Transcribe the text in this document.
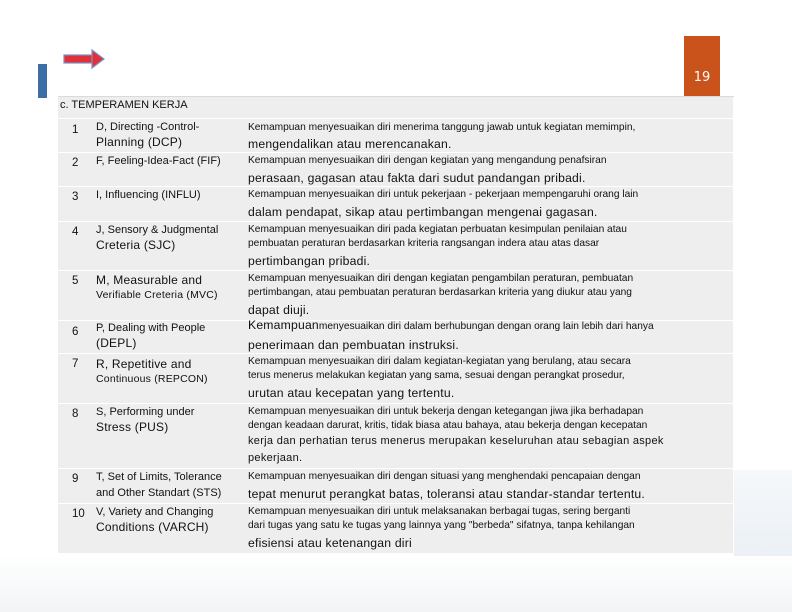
19
c. TEMPERAMEN KERJA
1 D, Directing -Control-
Planning (DCP)
Kemampuan menyesuaikan diri menerima tanggung jawab untuk kegiatan memimpin,
mengendalikan atau merencanakan.
2 F, Feeling-Idea-Fact (FIF)	Kemampuan menyesuaikan diri dengan kegiatan yang mengandung penafsiran
perasaan, gagasan atau fakta dari sudut pandangan pribadi.
3 I, Influencing (INFLU)	Kemampuan menyesuaikan diri untuk pekerjaan - pekerjaan mempengaruhi orang lain
dalam pendapat, sikap atau pertimbangan mengenai gagasan.
4 J, Sensory & Judgmental
Creteria (SJC)
Kemampuan menyesuaikan diri pada kegiatan perbuatan kesimpulan penilaian atau
pembuatan peraturan berdasarkan kriteria rangsangan indera atau atas dasar
pertimbangan pribadi.
5 M, Measurable and
Verifiable Creteria (MVC)
Kemampuan menyesuaikan diri dengan kegiatan pengambilan peraturan, pembuatan
pertimbangan, atau pembuatan peraturan berdasarkan kriteria yang diukur atau yang
dapat diuji.
6 P, Dealing with People
(DEPL)
Kemampuanmenyesuaikan diri dalam berhubungan dengan orang lain lebih dari hanya
penerimaan dan pembuatan instruksi.
7 R, Repetitive and
Continuous (REPCON)
Kemampuan menyesuaikan diri dalam kegiatan-kegiatan yang berulang, atau secara
terus menerus melakukan kegiatan yang sama, sesuai dengan perangkat prosedur,
urutan atau kecepatan yang tertentu.
8 S, Performing under
Stress (PUS)
Kemampuan menyesuaikan diri untuk bekerja dengan ketegangan jiwa jika berhadapan
dengan keadaan darurat, kritis, tidak biasa atau bahaya, atau bekerja dengan kecepatan
kerja dan perhatian terus menerus merupakan keseluruhan atau sebagian aspek
pekerjaan.
9 T, Set of Limits, Tolerance
and Other Standart (STS)
Kemampuan menyesuaikan diri dengan situasi yang menghendaki pencapaian dengan
tepat menurut perangkat batas, toleransi atau standar-standar tertentu.
10 V, Variety and Changing
Conditions (VARCH)
Kemampuan menyesuaikan diri untuk melaksanakan berbagai tugas, sering berganti
dari tugas yang satu ke tugas yang lainnya yang "berbeda" sifatnya, tanpa kehilangan
efisiensi atau ketenangan diri
